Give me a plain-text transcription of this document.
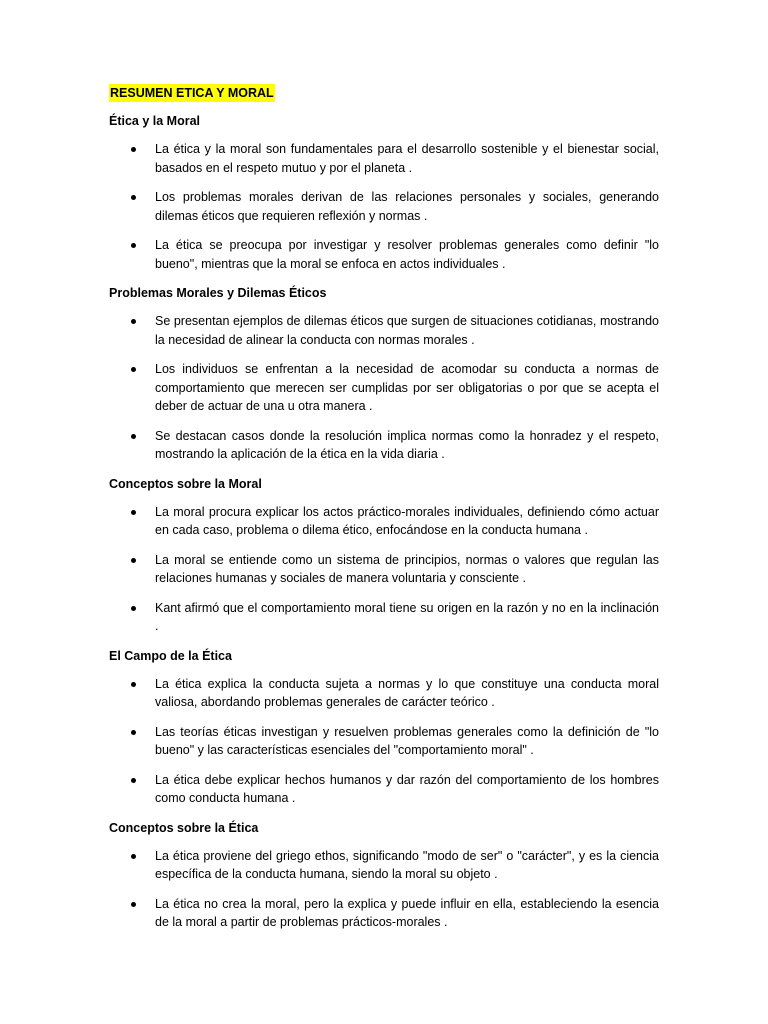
RESUMEN ETICA Y MORAL
Ética y la Moral
La ética y la moral son fundamentales para el desarrollo sostenible y el bienestar social, basados en el respeto mutuo y por el planeta .
Los problemas morales derivan de las relaciones personales y sociales, generando dilemas éticos que requieren reflexión y normas .
La ética se preocupa por investigar y resolver problemas generales como definir "lo bueno", mientras que la moral se enfoca en actos individuales .
Problemas Morales y Dilemas Éticos
Se presentan ejemplos de dilemas éticos que surgen de situaciones cotidianas, mostrando la necesidad de alinear la conducta con normas morales .
Los individuos se enfrentan a la necesidad de acomodar su conducta a normas de comportamiento que merecen ser cumplidas por ser obligatorias o por que se acepta el deber de actuar de una u otra manera .
Se destacan casos donde la resolución implica normas como la honradez y el respeto, mostrando la aplicación de la ética en la vida diaria .
Conceptos sobre la Moral
La moral procura explicar los actos práctico-morales individuales, definiendo cómo actuar en cada caso, problema o dilema ético, enfocándose en la conducta humana .
La moral se entiende como un sistema de principios, normas o valores que regulan las relaciones humanas y sociales de manera voluntaria y consciente .
Kant afirmó que el comportamiento moral tiene su origen en la razón y no en la inclinación .
El Campo de la Ética
La ética explica la conducta sujeta a normas y lo que constituye una conducta moral valiosa, abordando problemas generales de carácter teórico .
Las teorías éticas investigan y resuelven problemas generales como la definición de "lo bueno" y las características esenciales del "comportamiento moral" .
La ética debe explicar hechos humanos y dar razón del comportamiento de los hombres como conducta humana .
Conceptos sobre la Ética
La ética proviene del griego ethos, significando "modo de ser" o "carácter", y es la ciencia específica de la conducta humana, siendo la moral su objeto .
La ética no crea la moral, pero la explica y puede influir en ella, estableciendo la esencia de la moral a partir de problemas prácticos-morales .
